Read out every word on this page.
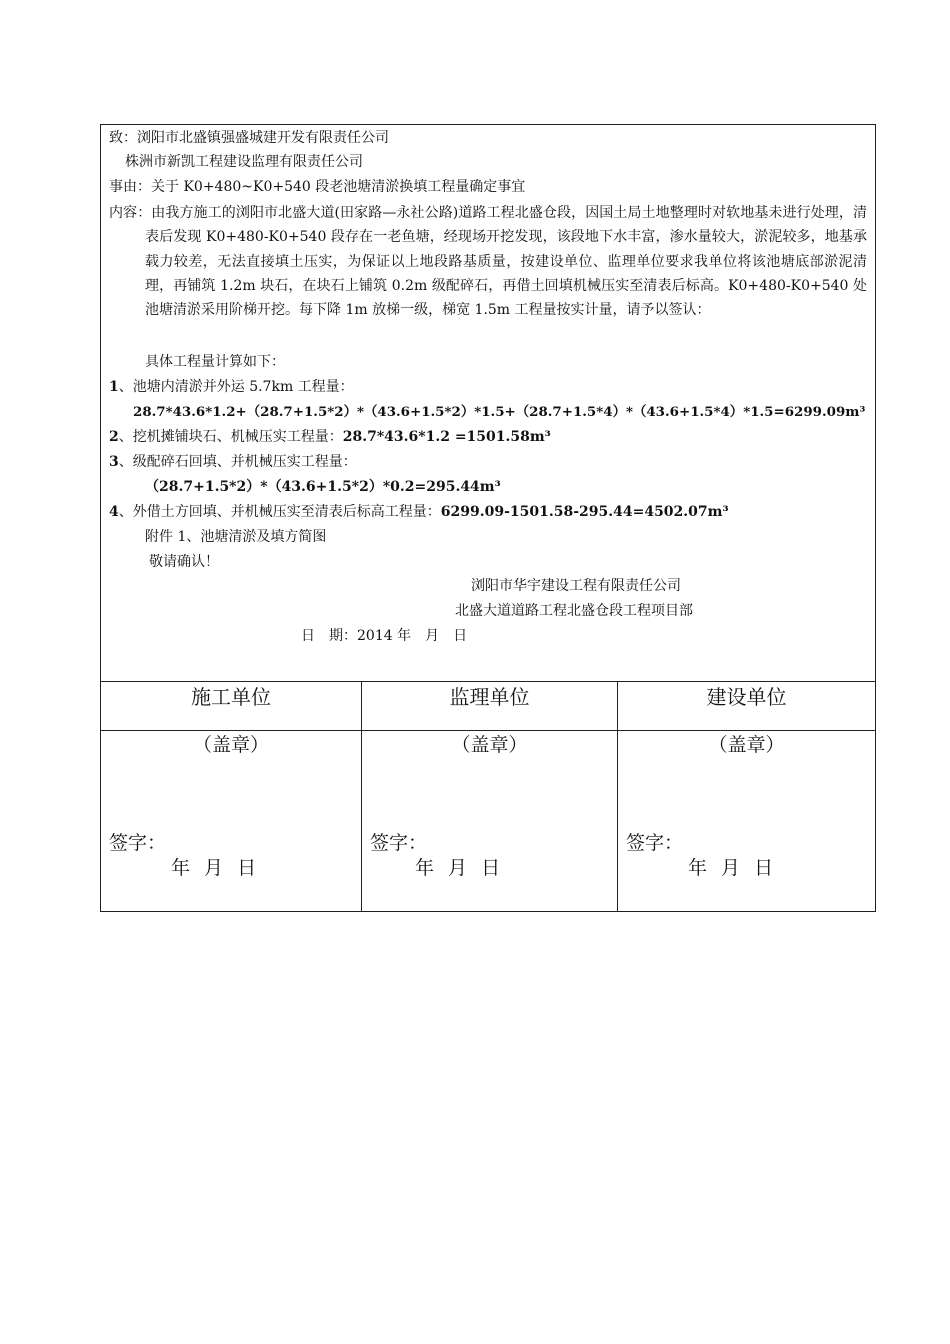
致：浏阳市北盛镇强盛城建开发有限责任公司
株洲市新凯工程建设监理有限责任公司
事由：关于 K0+480~K0+540 段老池塘清淤换填工程量确定事宜
内容：由我方施工的浏阳市北盛大道(田家路—永社公路)道路工程北盛仓段，因国土局土地整理时对软地基未进行处理，清表后发现 K0+480-K0+540 段存在一老鱼塘，经现场开挖发现，该段地下水丰富，渗水量较大，淤泥较多，地基承载力较差，无法直接填土压实，为保证以上地段路基质量，按建设单位、监理单位要求我单位将该池塘底部淤泥清理，再铺筑 1.2m 块石，在块石上铺筑 0.2m 级配碎石，再借土回填机械压实至清表后标高。K0+480-K0+540 处池塘清淤采用阶梯开挖。每下降 1m 放梯一级，梯宽 1.5m 工程量按实计量，请予以签认：
具体工程量计算如下：
1、池塘内清淤并外运 5.7km 工程量：
28.7*43.6*1.2+（28.7+1.5*2）*（43.6+1.5*2）*1.5+（28.7+1.5*4）*（43.6+1.5*4）*1.5=6299.09m³
2、挖机摊铺块石、机械压实工程量：28.7*43.6*1.2 =1501.58m³
3、级配碎石回填、并机械压实工程量：
（28.7+1.5*2）*（43.6+1.5*2）*0.2=295.44m³
4、外借土方回填、并机械压实至清表后标高工程量：6299.09-1501.58-295.44=4502.07m³
附件 1、池塘清淤及填方简图
敬请确认！
浏阳市华宇建设工程有限责任公司
北盛大道道路工程北盛仓段工程项目部
日　期：2014 年　月　日
施工单位
（盖章）
签字：
年 月 日
监理单位
（盖章）
签字：
年 月 日
建设单位
（盖章）
签字：
年 月 日
